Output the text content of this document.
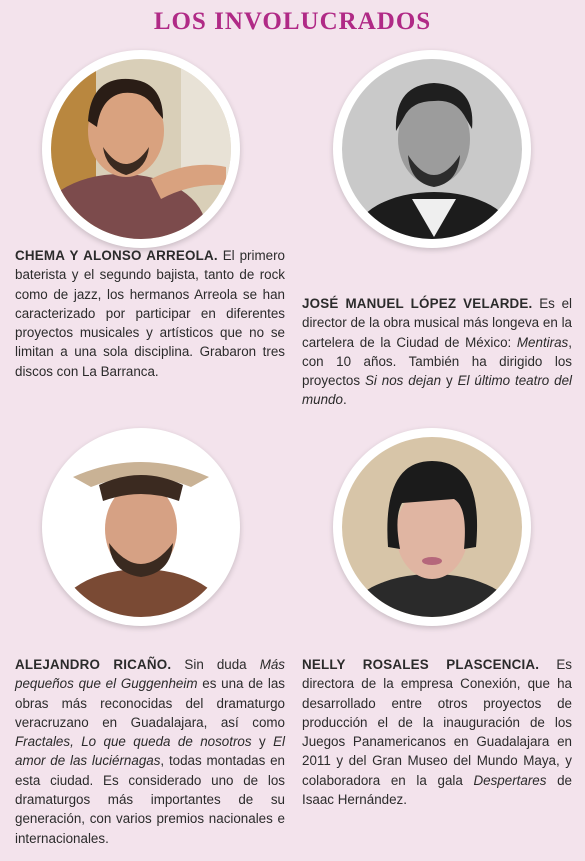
LOS INVOLUCRADOS

CHEMA Y ALONSO ARREOLA. El primero baterista y el segundo bajista, tanto de rock como de jazz, los hermanos Arreola se han caracterizado por participar en diferentes proyectos musicales y artísticos que no se limitan a una sola disciplina. Grabaron tres discos con La Barranca.

JOSÉ MANUEL LÓPEZ VELARDE. Es el director de la obra musical más longeva en la cartelera de la Ciudad de México: Mentiras, con 10 años. También ha dirigido los proyectos Si nos dejan y El último teatro del mundo.

ALEJANDRO RICAÑO. Sin duda Más pequeños que el Guggenheim es una de las obras más reconocidas del dramaturgo veracruzano en Guadalajara, así como Fractales, Lo que queda de nosotros y El amor de las luciérnagas, todas montadas en esta ciudad. Es considerado uno de los dramaturgos más importantes de su generación, con varios premios nacionales e internacionales.

NELLY ROSALES PLASCENCIA. Es directora de la empresa Conexión, que ha desarrollado entre otros proyectos de producción el de la inauguración de los Juegos Panamericanos en Guadalajara en 2011 y del Gran Museo del Mundo Maya, y colaboradora en la gala Despertares de Isaac Hernández.
